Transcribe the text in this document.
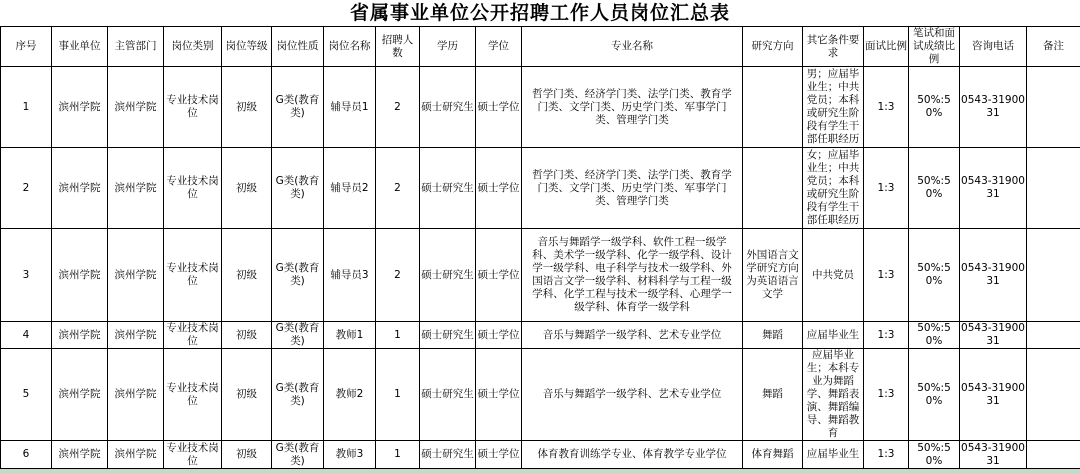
省属事业单位公开招聘工作人员岗位汇总表
序号	事业单位	主管部门	岗位类别	岗位等级	岗位性质	岗位名称	招聘人数	学历	学位	专业名称	研究方向	其它条件要求	面试比例	笔试和面试成绩比例	咨询电话	备注
1	滨州学院	滨州学院	专业技术岗位	初级	G类(教育类)	辅导员1	2	硕士研究生	硕士学位	哲学门类、经济学门类、法学门类、教育学门类、文学门类、历史学门类、军事学门类、管理学门类		男；应届毕业生；中共党员；本科或研究生阶段有学生干部任职经历	1:3	50%:50%	0543-3190031	
2	滨州学院	滨州学院	专业技术岗位	初级	G类(教育类)	辅导员2	2	硕士研究生	硕士学位	哲学门类、经济学门类、法学门类、教育学门类、文学门类、历史学门类、军事学门类、管理学门类		女；应届毕业生；中共党员；本科或研究生阶段有学生干部任职经历	1:3	50%:50%	0543-3190031	
3	滨州学院	滨州学院	专业技术岗位	初级	G类(教育类)	辅导员3	2	硕士研究生	硕士学位	音乐与舞蹈学一级学科、软件工程一级学科、美术学一级学科、化学一级学科、设计学一级学科、电子科学与技术一级学科、外国语言文学一级学科、材料科学与工程一级学科、化学工程与技术一级学科、心理学一级学科、体育学一级学科	外国语言文学研究方向为英语语言文学	中共党员	1:3	50%:50%	0543-3190031	
4	滨州学院	滨州学院	专业技术岗位	初级	G类(教育类)	教师1	1	硕士研究生	硕士学位	音乐与舞蹈学一级学科、艺术专业学位	舞蹈	应届毕业生	1:3	50%:50%	0543-3190031	
5	滨州学院	滨州学院	专业技术岗位	初级	G类(教育类)	教师2	1	硕士研究生	硕士学位	音乐与舞蹈学一级学科、艺术专业学位	舞蹈	应届毕业生；本科专业为舞蹈学、舞蹈表演、舞蹈编导、舞蹈教育	1:3	50%:50%	0543-3190031	
6	滨州学院	滨州学院	专业技术岗位	初级	G类(教育类)	教师3	1	硕士研究生	硕士学位	体育教育训练学专业、体育教学专业学位	体育舞蹈	应届毕业生	1:3	50%:50%	0543-3190031	
